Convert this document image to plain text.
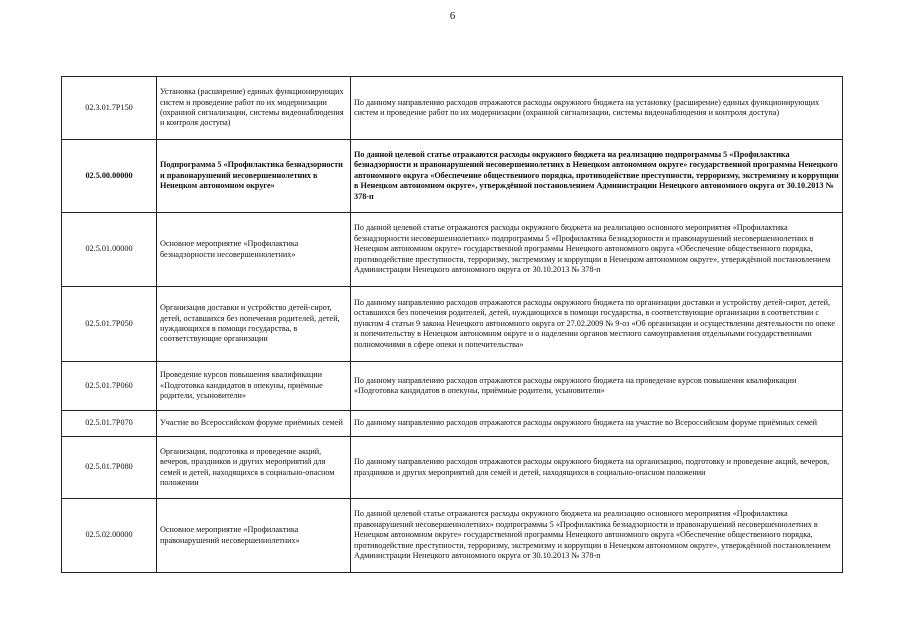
6
02.3.01.7Р150	Установка (расширение) единых функционирующих систем и проведение работ по их модернизации (охранной сигнализации, системы видеонаблюдения и контроля доступа)	По данному направлению расходов отражаются расходы окружного бюджета на установку (расширение) единых функционирующих систем и проведение работ по их модернизации (охранной сигнализации, системы видеонаблюдения и контроля доступа)
02.5.00.00000	Подпрограмма 5 «Профилактика безнадзорности и правонарушений несовершеннолетних в Ненецком автономном округе»	По данной целевой статье отражаются расходы окружного бюджета на реализацию подпрограммы 5 «Профилактика безнадзорности и правонарушений несовершеннолетних в Ненецком автономном округе» государственной программы Ненецкого автономного округа «Обеспечение общественного порядка, противодействие преступности, терроризму, экстремизму и коррупции в Ненецком автономном округе», утверждённой постановлением Администрации Ненецкого автономного округа от 30.10.2013 № 378-п
02.5.01.00000	Основное мероприятие «Профилактика безнадзорности несовершеннолетних»	По данной целевой статье отражаются расходы окружного бюджета на реализацию основного мероприятия «Профилактика безнадзорности несовершеннолетних» подпрограммы 5 «Профилактика безнадзорности и правонарушений несовершеннолетних в Ненецком автономном округе» государственной программы Ненецкого автономного округа «Обеспечение общественного порядка, противодействие преступности, терроризму, экстремизму и коррупции в Ненецком автономном округе», утверждённой постановлением Администрации Ненецкого автономного округа от 30.10.2013 № 378-п
02.5.01.7Р050	Организация доставки и устройство детей-сирот, детей, оставшихся без попечения родителей, детей, нуждающихся в помощи государства, в соответствующие организации	По данному направлению расходов отражаются расходы окружного бюджета по организации доставки и устройству детей-сирот, детей, оставшихся без попечения родителей, детей, нуждающихся в помощи государства, в соответствующие организации в соответствии с пунктом 4 статьи 9 закона Ненецкого автономного округа от 27.02.2009 № 9-оз «Об организации и осуществлении деятельности по опеке и попечительству в Ненецком автономном округе и о наделении органов местного самоуправления отдельными государственными полномочиями в сфере опеки и попечительства»
02.5.01.7Р060	Проведение курсов повышения квалификации «Подготовка кандидатов в опекуны, приёмные родители, усыновители»	По данному направлению расходов отражаются расходы окружного бюджета на проведение курсов повышения квалификации «Подготовка кандидатов в опекуны, приёмные родители, усыновители»
02.5.01.7Р070	Участие во Всероссийском форуме приёмных семей	По данному направлению расходов отражаются расходы окружного бюджета на участие во Всероссийском форуме приёмных семей
02.5.01.7Р080	Организация, подготовка и проведение акций, вечеров, праздников и других мероприятий для семей и детей, находящихся в социально-опасном положении	По данному направлению расходов отражаются расходы окружного бюджета на организацию, подготовку и проведение акций, вечеров, праздников и других мероприятий для семей и детей, находящихся в социально-опасном положении
02.5.02.00000	Основное мероприятие «Профилактика правонарушений несовершеннолетних»	По данной целевой статье отражаются расходы окружного бюджета на реализацию основного мероприятия «Профилактика правонарушений несовершеннолетних» подпрограммы 5 «Профилактика безнадзорности и правонарушений несовершеннолетних в Ненецком автономном округе» государственной программы Ненецкого автономного округа «Обеспечение общественного порядка, противодействие преступности, терроризму, экстремизму и коррупции в Ненецком автономном округе», утверждённой постановлением Администрации Ненецкого автономного округа от 30.10.2013 № 378-п
